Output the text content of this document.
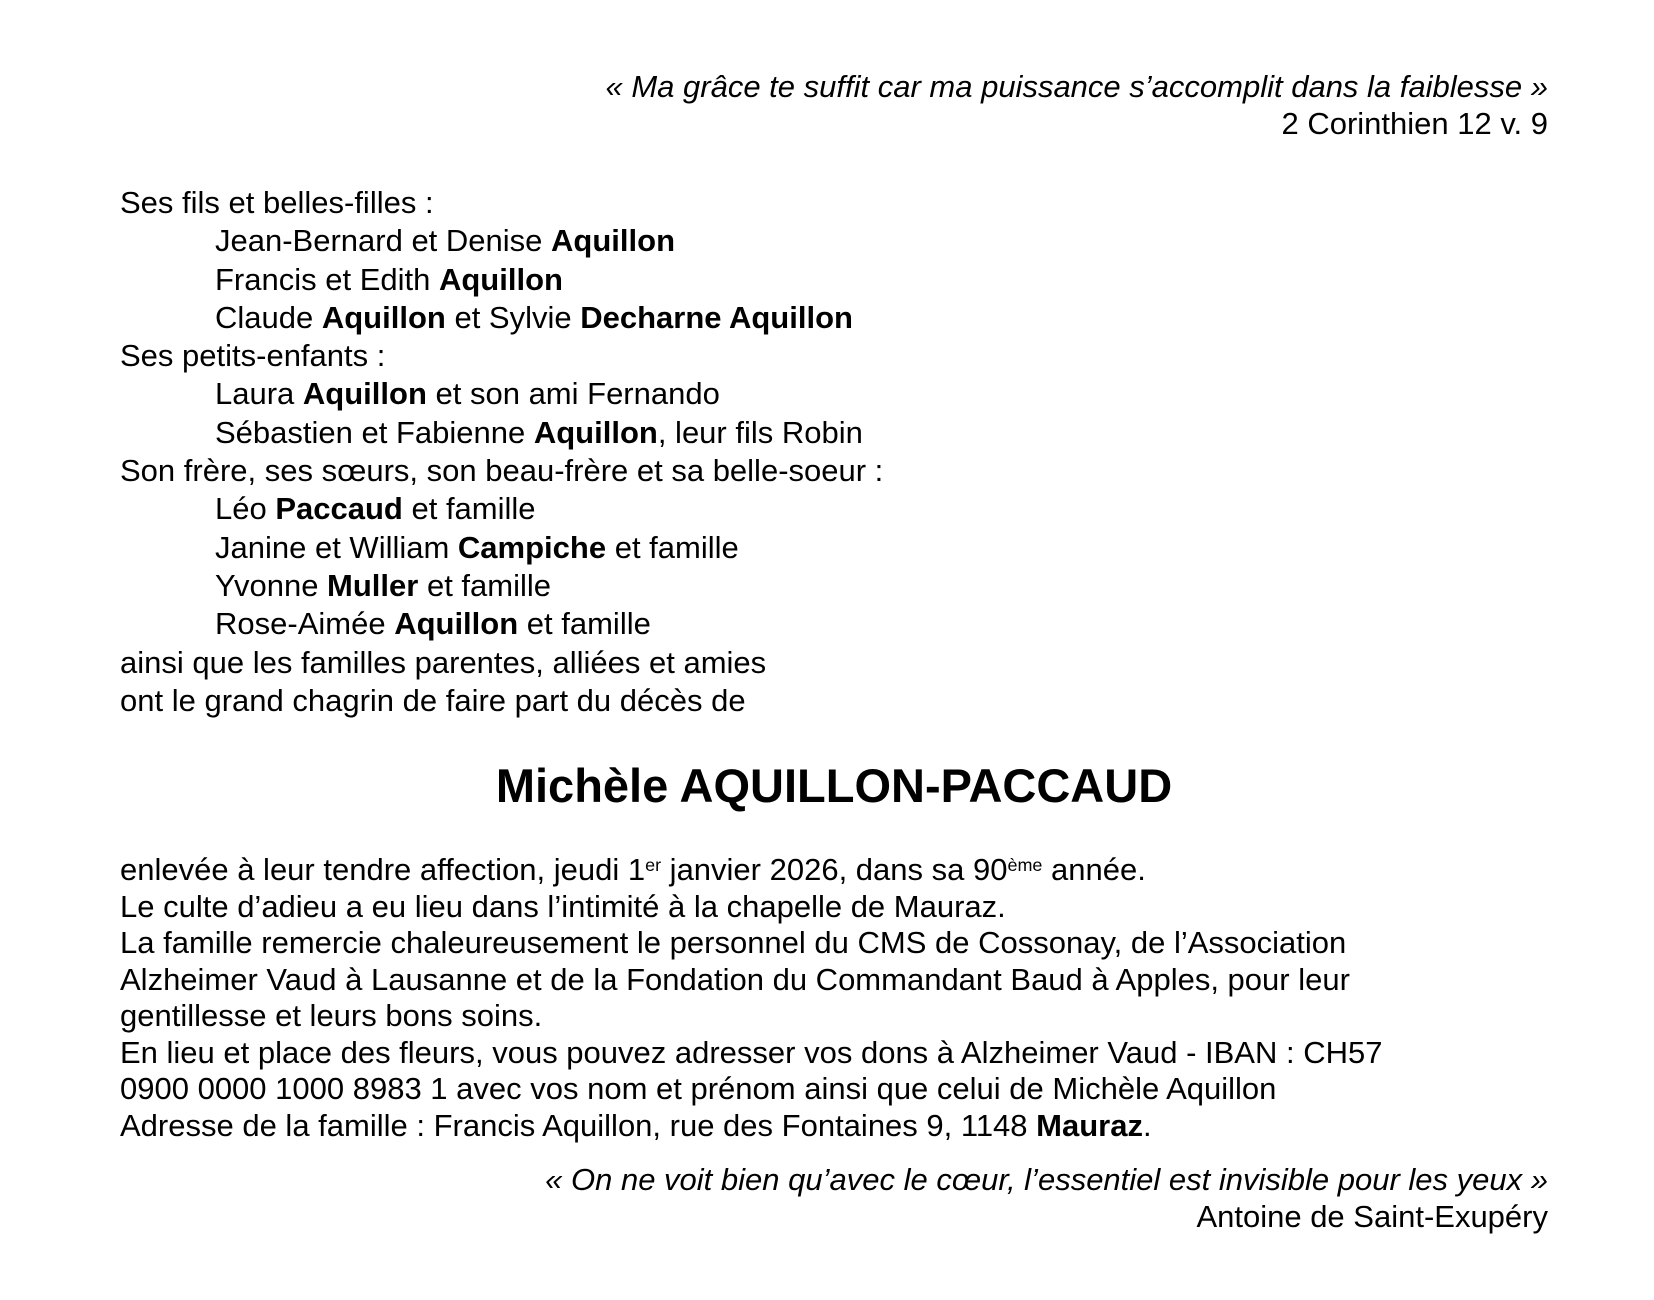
« Ma grâce te suffit car ma puissance s’accomplit dans la faiblesse »
2 Corinthien 12 v. 9
Ses fils et belles-filles :
Jean-Bernard et Denise Aquillon
Francis et Edith Aquillon
Claude Aquillon et Sylvie Decharne Aquillon
Ses petits-enfants :
Laura Aquillon et son ami Fernando
Sébastien et Fabienne Aquillon, leur fils Robin
Son frère, ses sœurs, son beau-frère et sa belle-soeur :
Léo Paccaud et famille
Janine et William Campiche et famille
Yvonne Muller et famille
Rose-Aimée Aquillon et famille
ainsi que les familles parentes, alliées et amies
ont le grand chagrin de faire part du décès de
Michèle AQUILLON-PACCAUD
enlevée à leur tendre affection, jeudi 1er janvier 2026, dans sa 90ème année.
Le culte d’adieu a eu lieu dans l’intimité à la chapelle de Mauraz.
La famille remercie chaleureusement le personnel du CMS de Cossonay, de l’Association
Alzheimer Vaud à Lausanne et de la Fondation du Commandant Baud à Apples, pour leur
gentillesse et leurs bons soins.
En lieu et place des fleurs, vous pouvez adresser vos dons à Alzheimer Vaud - IBAN : CH57
0900 0000 1000 8983 1 avec vos nom et prénom ainsi que celui de Michèle Aquillon
Adresse de la famille : Francis Aquillon, rue des Fontaines 9, 1148 Mauraz.
« On ne voit bien qu’avec le cœur, l’essentiel est invisible pour les yeux »
Antoine de Saint-Exupéry
